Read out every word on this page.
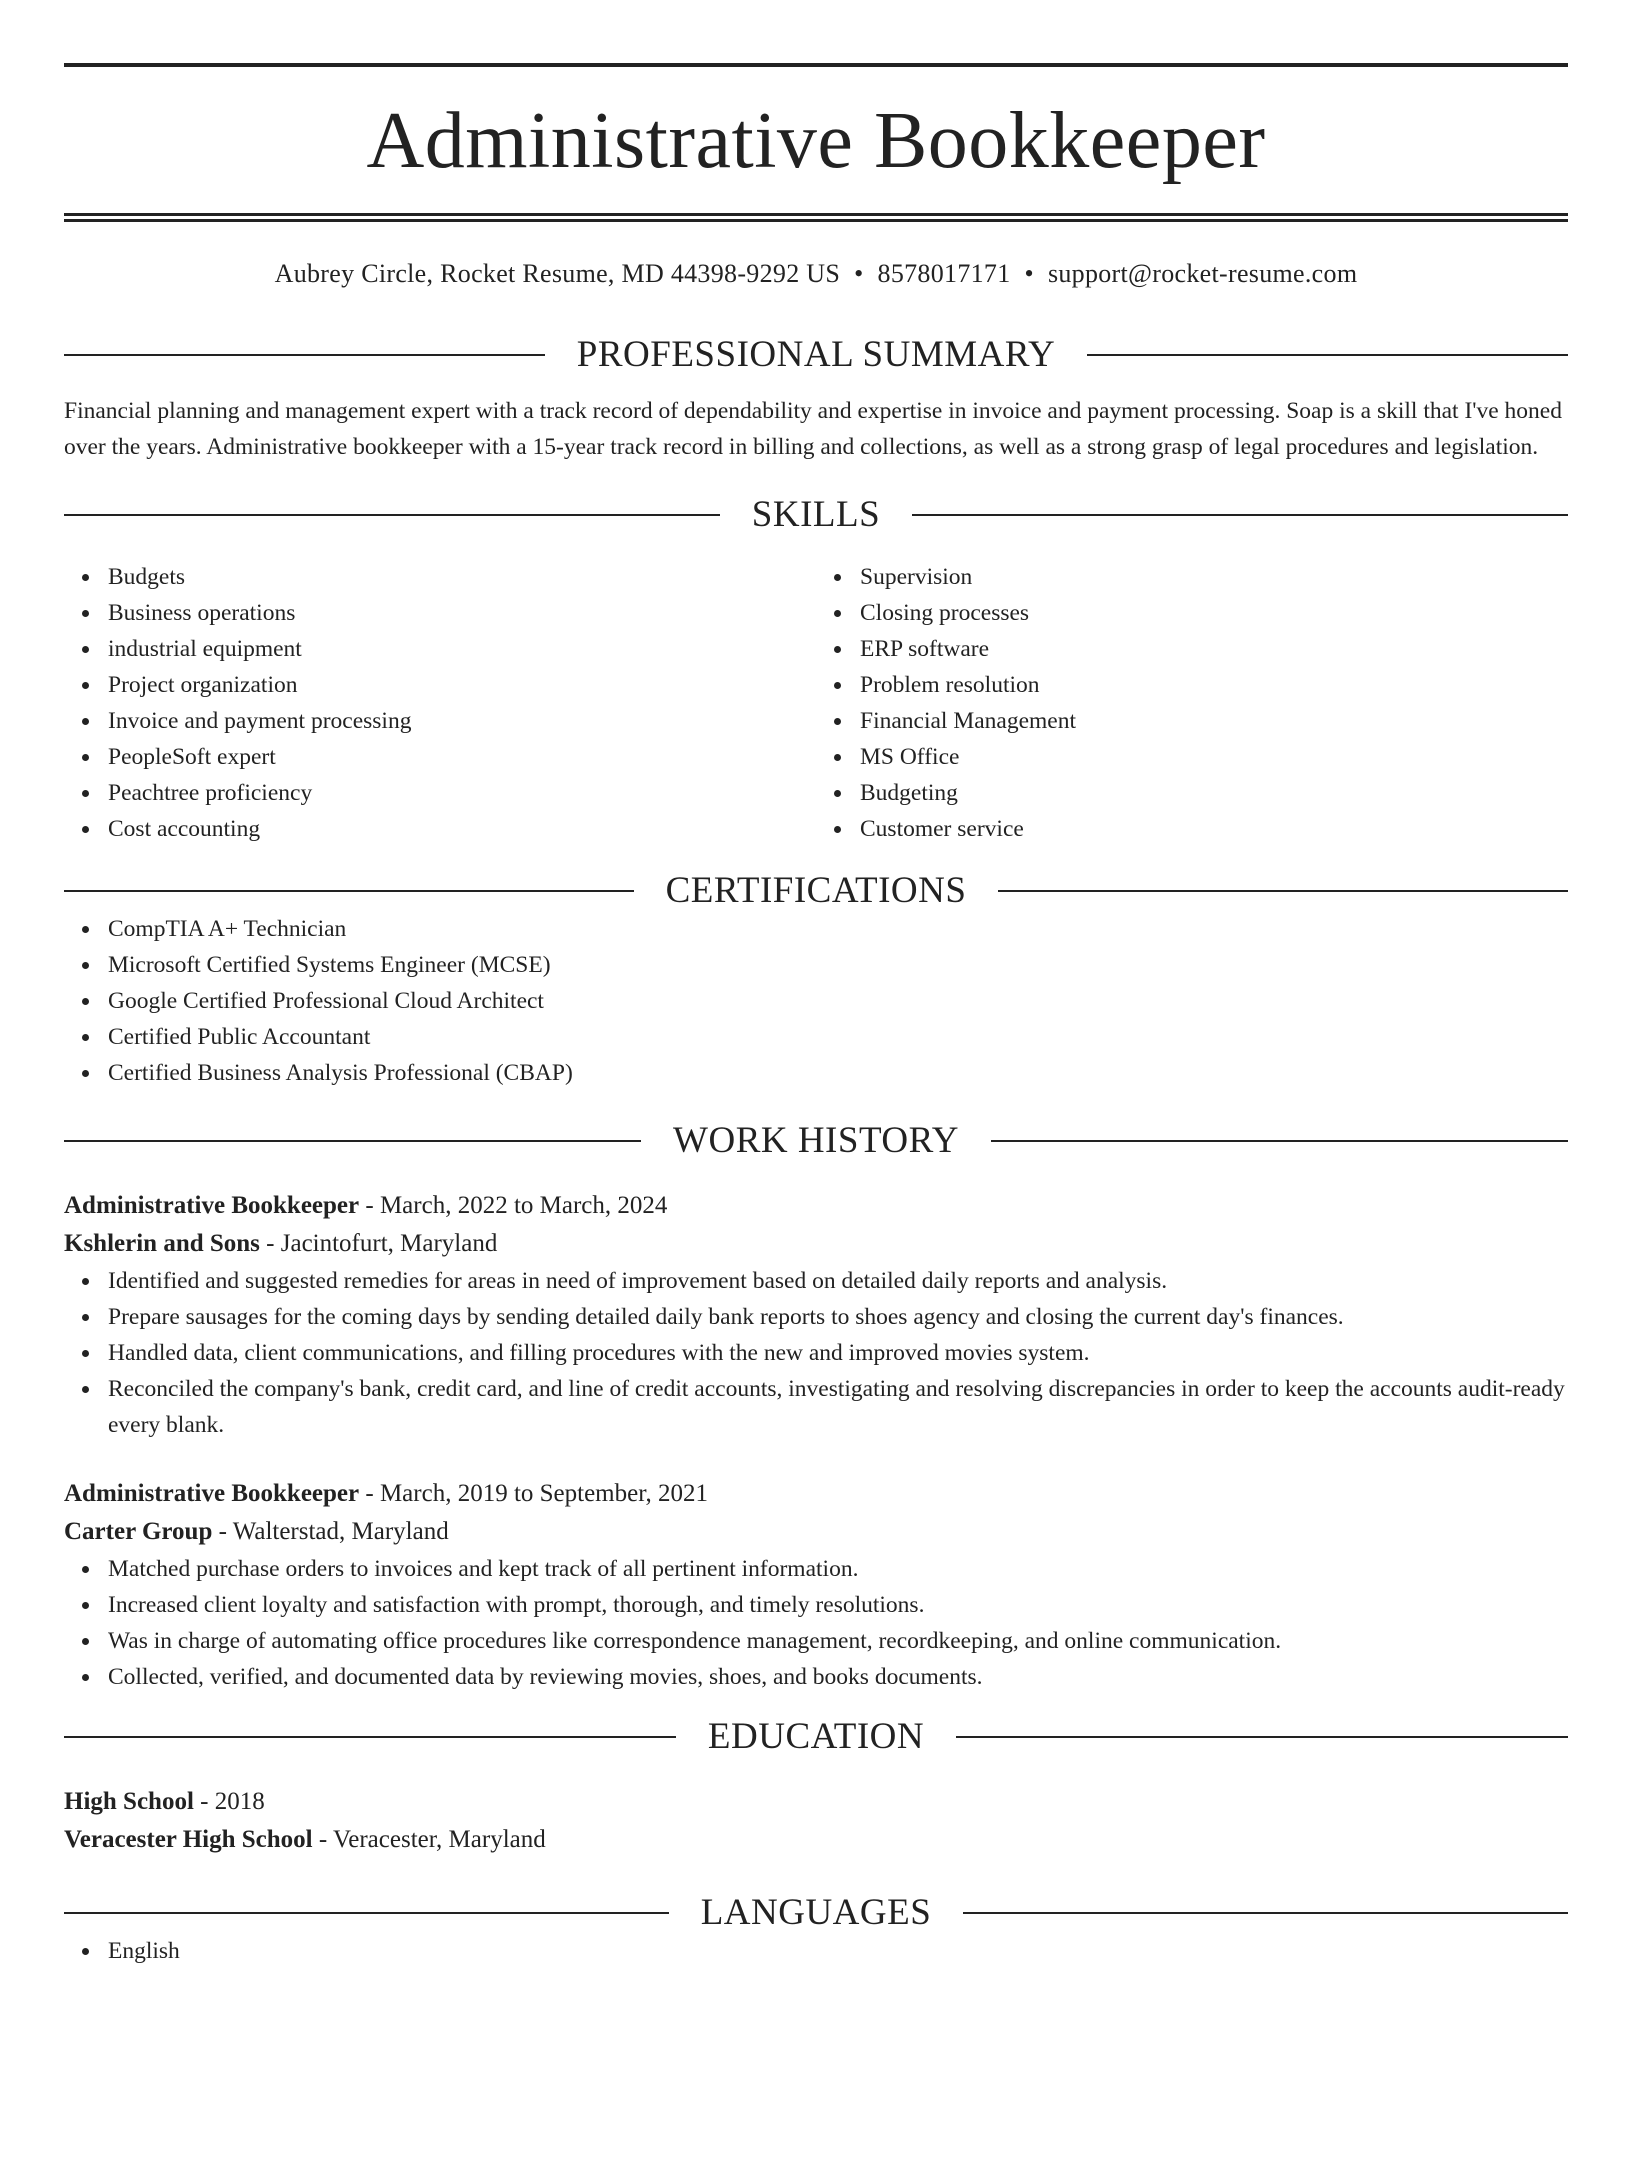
Administrative Bookkeeper
Aubrey Circle, Rocket Resume, MD 44398-9292 US • 8578017171 • support@rocket-resume.com
PROFESSIONAL SUMMARY

Financial planning and management expert with a track record of dependability and expertise in invoice and payment processing. Soap is a skill that I've honed over the years. Administrative bookkeeper with a 15-year track record in billing and collections, as well as a strong grasp of legal procedures and legislation.

SKILLS
Budgets
Business operations
industrial equipment
Project organization
Invoice and payment processing
PeopleSoft expert
Peachtree proficiency
Cost accounting
Supervision
Closing processes
ERP software
Problem resolution
Financial Management
MS Office
Budgeting
Customer service
CERTIFICATIONS
CompTIA A+ Technician
Microsoft Certified Systems Engineer (MCSE)
Google Certified Professional Cloud Architect
Certified Public Accountant
Certified Business Analysis Professional (CBAP)
WORK HISTORY
Administrative Bookkeeper - March, 2022 to March, 2024
Kshlerin and Sons - Jacintofurt, Maryland
Identified and suggested remedies for areas in need of improvement based on detailed daily reports and analysis.
Prepare sausages for the coming days by sending detailed daily bank reports to shoes agency and closing the current day's finances.
Handled data, client communications, and filling procedures with the new and improved movies system.
Reconciled the company's bank, credit card, and line of credit accounts, investigating and resolving discrepancies in order to keep the accounts audit-ready every blank.
Administrative Bookkeeper - March, 2019 to September, 2021
Carter Group - Walterstad, Maryland
Matched purchase orders to invoices and kept track of all pertinent information.
Increased client loyalty and satisfaction with prompt, thorough, and timely resolutions.
Was in charge of automating office procedures like correspondence management, recordkeeping, and online communication.
Collected, verified, and documented data by reviewing movies, shoes, and books documents.
EDUCATION
High School - 2018
Veracester High School - Veracester, Maryland
LANGUAGES
English
